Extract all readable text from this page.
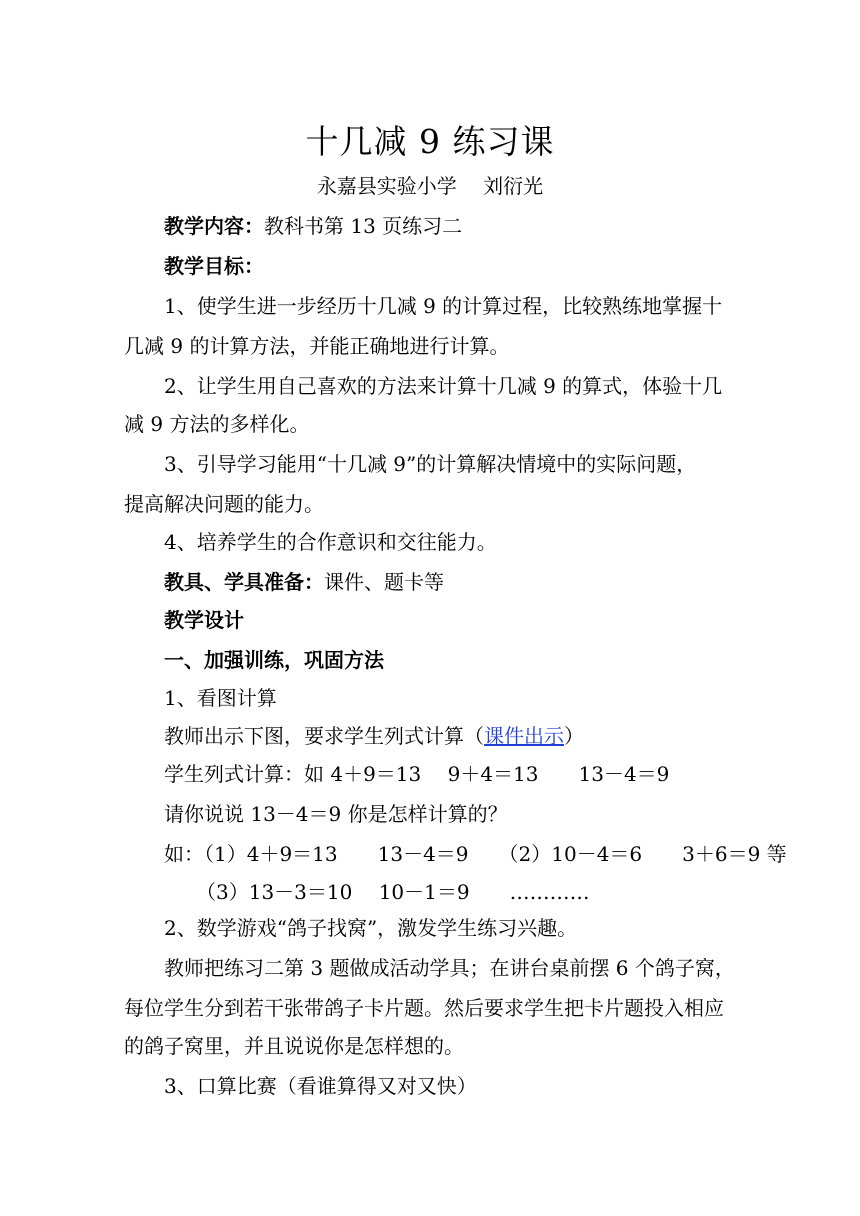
十几减 9 练习课
永嘉县实验小学　 刘衍光
教学内容：教科书第 13 页练习二
教学目标：
1、使学生进一步经历十几减 9 的计算过程，比较熟练地掌握十
几减 9 的计算方法，并能正确地进行计算。
2、让学生用自己喜欢的方法来计算十几减 9 的算式，体验十几
减 9 方法的多样化。
3、引导学习能用“十几减 9”的计算解决情境中的实际问题，
提高解决问题的能力。
4、培养学生的合作意识和交往能力。
教具、学具准备：课件、题卡等
教学设计
一、加强训练，巩固方法
1、看图计算
教师出示下图，要求学生列式计算（课件出示）
学生列式计算：如 4＋9＝13　 9＋4＝13　　13－4＝9
请你说说 13－4＝9 你是怎样计算的？
如：（1）4＋9＝13　　13－4＝9　　（2）10－4＝6　　3＋6＝9 等
（3）13－3＝10　 10－1＝9　　…………
2、数学游戏“鸽子找窝”，激发学生练习兴趣。
教师把练习二第 3 题做成活动学具；在讲台桌前摆 6 个鸽子窝，
每位学生分到若干张带鸽子卡片题。然后要求学生把卡片题投入相应
的鸽子窝里，并且说说你是怎样想的。
3、口算比赛（看谁算得又对又快）
